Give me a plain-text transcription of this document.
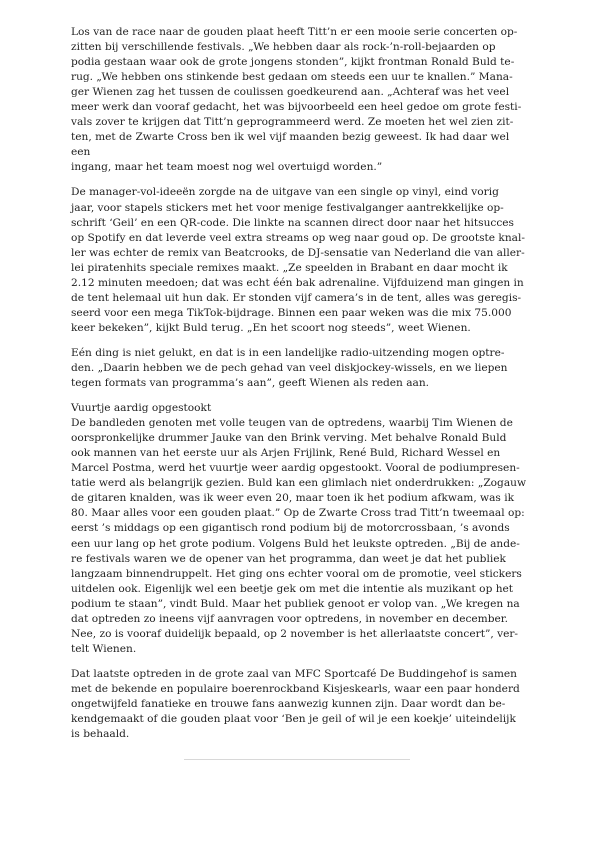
Los van de race naar de gouden plaat heeft Titt’n er een mooie serie concerten op-
zitten bij verschillende festivals. „We hebben daar als rock-’n-roll-bejaarden op
podia gestaan waar ook de grote jongens stonden”, kijkt frontman Ronald Buld te-
rug. „We hebben ons stinkende best gedaan om steeds een uur te knallen.” Mana-
ger Wienen zag het tussen de coulissen goedkeurend aan. „Achteraf was het veel
meer werk dan vooraf gedacht, het was bijvoorbeeld een heel gedoe om grote festi-
vals zover te krijgen dat Titt’n geprogrammeerd werd. Ze moeten het wel zien zit-
ten, met de Zwarte Cross ben ik wel vijf maanden bezig geweest. Ik had daar wel een
ingang, maar het team moest nog wel overtuigd worden.”

De manager-vol-ideeën zorgde na de uitgave van een single op vinyl, eind vorig
jaar, voor stapels stickers met het voor menige festivalganger aantrekkelijke op-
schrift ‘Geil’ en een QR-code. Die linkte na scannen direct door naar het hitsucces
op Spotify en dat leverde veel extra streams op weg naar goud op. De grootste knal-
ler was echter de remix van Beatcrooks, de DJ-sensatie van Nederland die van aller-
lei piratenhits speciale remixes maakt. „Ze speelden in Brabant en daar mocht ik
2.12 minuten meedoen; dat was echt één bak adrenaline. Vijfduizend man gingen in
de tent helemaal uit hun dak. Er stonden vijf camera’s in de tent, alles was geregis-
seerd voor een mega TikTok-bijdrage. Binnen een paar weken was die mix 75.000
keer bekeken”, kijkt Buld terug. „En het scoort nog steeds”, weet Wienen.

Eén ding is niet gelukt, en dat is in een landelijke radio-uitzending mogen optre-
den. „Daarin hebben we de pech gehad van veel diskjockey-wissels, en we liepen
tegen formats van programma’s aan”, geeft Wienen als reden aan.

Vuurtje aardig opgestookt

De bandleden genoten met volle teugen van de optredens, waarbij Tim Wienen de
oorspronkelijke drummer Jauke van den Brink verving. Met behalve Ronald Buld
ook mannen van het eerste uur als Arjen Frijlink, René Buld, Richard Wessel en
Marcel Postma, werd het vuurtje weer aardig opgestookt. Vooral de podiumpresen-
tatie werd als belangrijk gezien. Buld kan een glimlach niet onderdrukken: „Zogauw
de gitaren knalden, was ik weer even 20, maar toen ik het podium afkwam, was ik
80. Maar alles voor een gouden plaat.” Op de Zwarte Cross trad Titt’n tweemaal op:
eerst ’s middags op een gigantisch rond podium bij de motorcrossbaan, ’s avonds
een uur lang op het grote podium. Volgens Buld het leukste optreden. „Bij de ande-
re festivals waren we de opener van het programma, dan weet je dat het publiek
langzaam binnendruppelt. Het ging ons echter vooral om de promotie, veel stickers
uitdelen ook. Eigenlijk wel een beetje gek om met die intentie als muzikant op het
podium te staan”, vindt Buld. Maar het publiek genoot er volop van. „We kregen na
dat optreden zo ineens vijf aanvragen voor optredens, in november en december.
Nee, zo is vooraf duidelijk bepaald, op 2 november is het allerlaatste concert”, ver-
telt Wienen.

Dat laatste optreden in de grote zaal van MFC Sportcafé De Buddingehof is samen
met de bekende en populaire boerenrockband Kisjeskearls, waar een paar honderd
ongetwijfeld fanatieke en trouwe fans aanwezig kunnen zijn. Daar wordt dan be-
kendgemaakt of die gouden plaat voor ‘Ben je geil of wil je een koekje’ uiteindelijk
is behaald.
